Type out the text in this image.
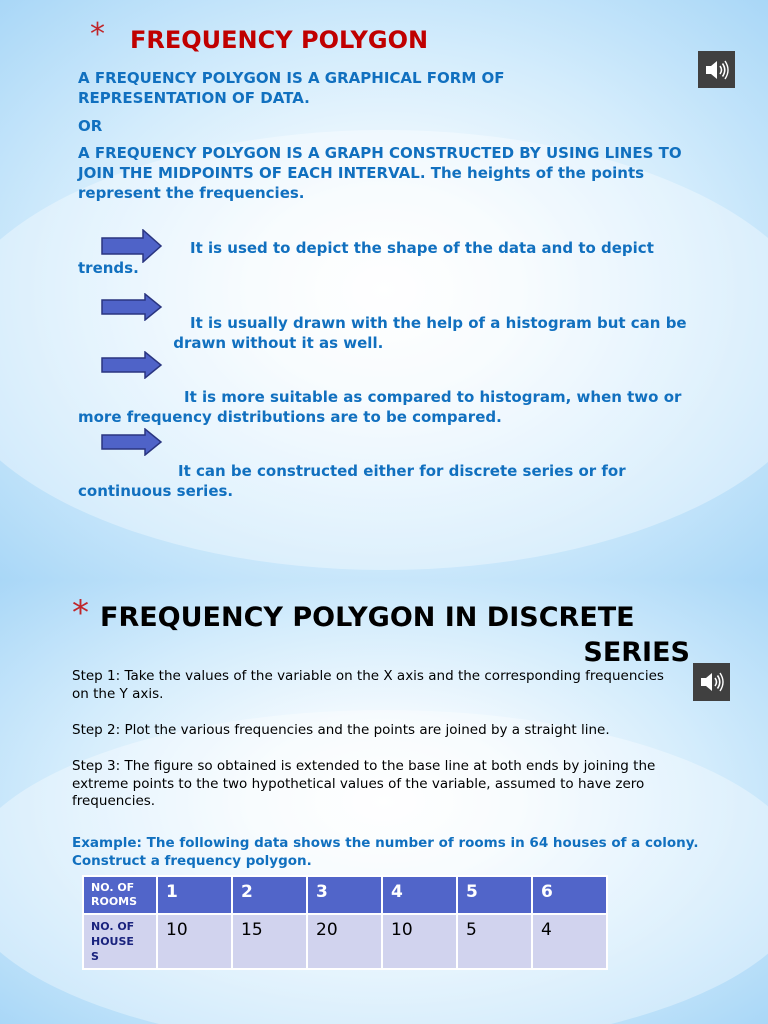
* FREQUENCY POLYGON
A FREQUENCY POLYGON IS A GRAPHICAL FORM OF REPRESENTATION OF DATA.
OR
A FREQUENCY POLYGON IS A GRAPH CONSTRUCTED BY USING LINES TO JOIN THE MIDPOINTS OF EACH INTERVAL. The heights of the points represent the frequencies.
It is used to depict the shape of the data and to depict trends.
It is usually drawn with the help of a histogram but can be  drawn without it as well.
It is more suitable as compared to histogram, when two or more frequency distributions are to be compared.
It can be constructed either for discrete series or for continuous series.
* FREQUENCY POLYGON IN DISCRETE
SERIES
Step 1: Take the values of the variable on the X axis and the corresponding frequencies on the Y axis.
Step 2: Plot the various frequencies and the points are joined by a straight line.
Step 3: The figure so obtained is extended to the base line at both ends by joining the extreme points to the two hypothetical values of the variable, assumed to have zero frequencies.
Example: The following data shows the number of rooms in 64 houses of a colony. Construct a frequency polygon.
NO. OF ROOMS	1	2	3	4	5	6

NO. OF
HOUSE
S	10	15	20	10	5	4
